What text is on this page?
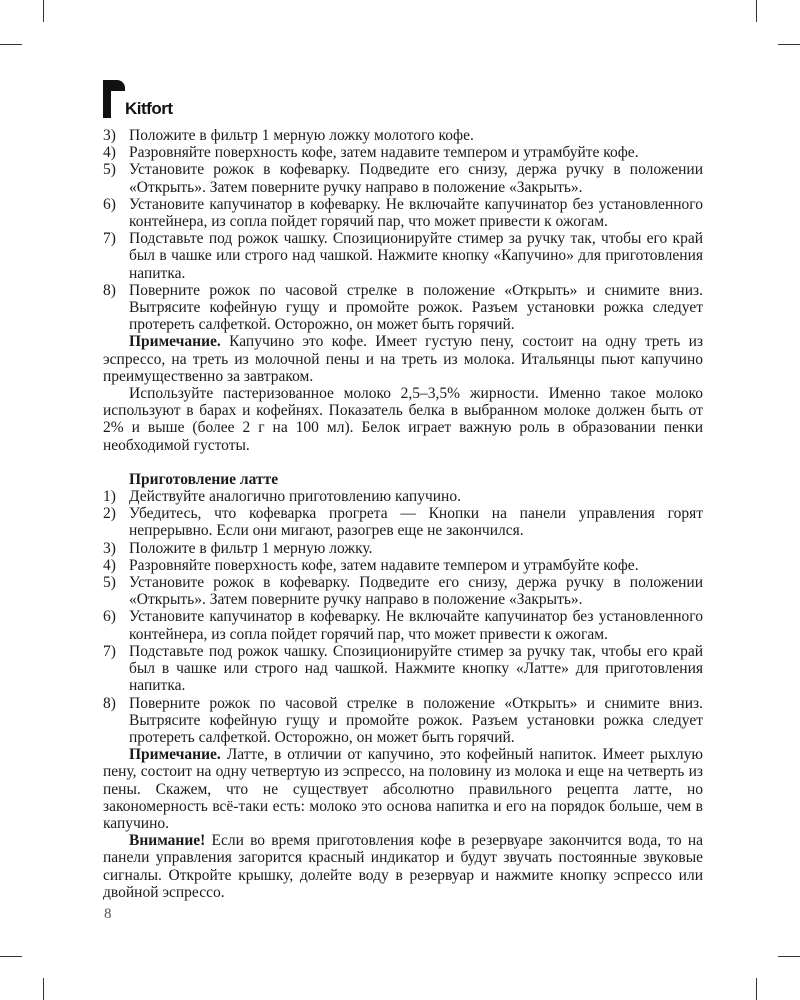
Kitfort
3) Положите в фильтр 1 мерную ложку молотого кофе.
4) Разровняйте поверхность кофе, затем надавите темпером и утрамбуйте кофе.
5) Установите рожок в кофеварку. Подведите его снизу, держа ручку в положении «Открыть». Затем поверните ручку направо в положение «Закрыть».
6) Установите капучинатор в кофеварку. Не включайте капучинатор без установленного контейнера, из сопла пойдет горячий пар, что может привести к ожогам.
7) Подставьте под рожок чашку. Спозиционируйте стимер за ручку так, чтобы его край был в чашке или строго над чашкой. Нажмите кнопку «Капучино» для приготовления напитка.
8) Поверните рожок по часовой стрелке в положение «Открыть» и снимите вниз. Вытрясите кофейную гущу и промойте рожок. Разъем установки рожка следует протереть салфеткой. Осторожно, он может быть горячий.

Примечание. Капучино это кофе. Имеет густую пену, состоит на одну треть из эспрессо, на треть из молочной пены и на треть из молока. Итальянцы пьют капучино преимущественно за завтраком.

Используйте пастеризованное молоко 2,5–3,5% жирности. Именно такое молоко используют в барах и кофейнях. Показатель белка в выбранном молоке должен быть от 2% и выше (более 2 г на 100 мл). Белок играет важную роль в образовании пенки необходимой густоты.

Приготовление латте

1) Действуйте аналогично приготовлению капучино.
2) Убедитесь, что кофеварка прогрета — Кнопки на панели управления горят непрерывно. Если они мигают, разогрев еще не закончился.
3) Положите в фильтр 1 мерную ложку.
4) Разровняйте поверхность кофе, затем надавите темпером и утрамбуйте кофе.
5) Установите рожок в кофеварку. Подведите его снизу, держа ручку в положении «Открыть». Затем поверните ручку направо в положение «Закрыть».
6) Установите капучинатор в кофеварку. Не включайте капучинатор без установленного контейнера, из сопла пойдет горячий пар, что может привести к ожогам.
7) Подставьте под рожок чашку. Спозиционируйте стимер за ручку так, чтобы его край был в чашке или строго над чашкой. Нажмите кнопку «Латте» для приготовления напитка.
8) Поверните рожок по часовой стрелке в положение «Открыть» и снимите вниз. Вытрясите кофейную гущу и промойте рожок. Разъем установки рожка следует протереть салфеткой. Осторожно, он может быть горячий.

Примечание. Латте, в отличии от капучино, это кофейный напиток. Имеет рыхлую пену, состоит на одну четвертую из эспрессо, на половину из молока и еще на четверть из пены. Скажем, что не существует абсолютно правильного рецепта латте, но закономерность всё-таки есть: молоко это основа напитка и его на порядок больше, чем в капучино.

Внимание! Если во время приготовления кофе в резервуаре закончится вода, то на панели управления загорится красный индикатор и будут звучать постоянные звуковые сигналы. Откройте крышку, долейте воду в резервуар и нажмите кнопку эспрессо или двойной эспрессо.

8
